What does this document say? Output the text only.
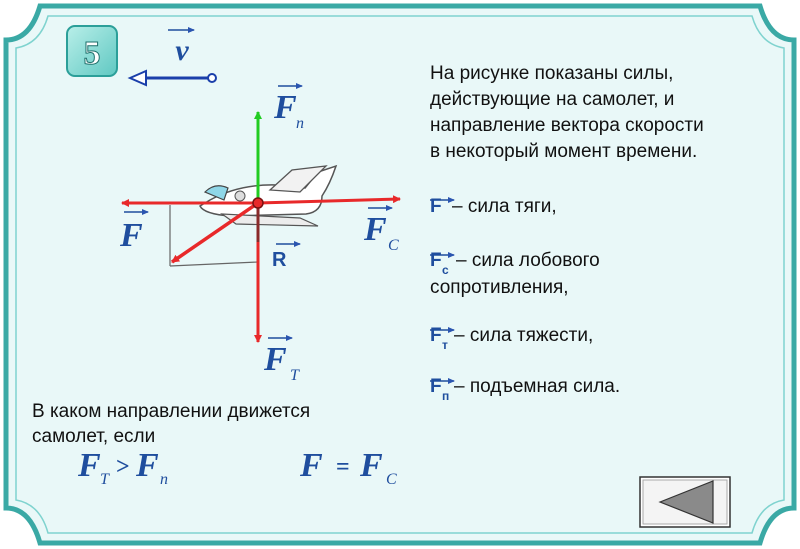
5 v
F п
F	F С
F Т
R
На рисунке показаны силы,
действующие на самолет, и
направление вектора скорости
в некоторый момент времени.
F – сила тяги,
F с – сила лобового
сопротивления,
F т – сила тяжести,
F п – подъемная сила.
В каком направлении движется
самолет, если
F Т > F п	F = F С
